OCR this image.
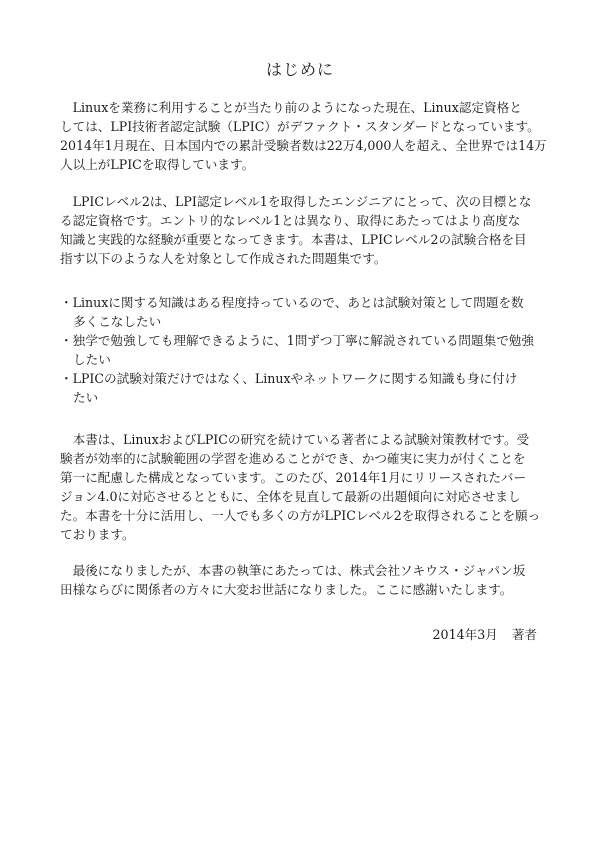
はじめに
　Linuxを業務に利用することが当たり前のようになった現在、Linux認定資格と
しては、LPI技術者認定試験（LPIC）がデファクト・スタンダードとなっています。
2014年1月現在、日本国内での累計受験者数は22万4,000人を超え、全世界では14万
人以上がLPICを取得しています。
　LPICレベル2は、LPI認定レベル1を取得したエンジニアにとって、次の目標とな
る認定資格です。エントリ的なレベル1とは異なり、取得にあたってはより高度な
知識と実践的な経験が重要となってきます。本書は、LPICレベル2の試験合格を目
指す以下のような人を対象として作成された問題集です。
・Linuxに関する知識はある程度持っているので、あとは試験対策として問題を数
多くこなしたい
・独学で勉強しても理解できるように、1問ずつ丁寧に解説されている問題集で勉強
したい
・LPICの試験対策だけではなく、Linuxやネットワークに関する知識も身に付け
たい
　本書は、LinuxおよびLPICの研究を続けている著者による試験対策教材です。受
験者が効率的に試験範囲の学習を進めることができ、かつ確実に実力が付くことを
第一に配慮した構成となっています。このたび、2014年1月にリリースされたバー
ジョン4.0に対応させるとともに、全体を見直して最新の出題傾向に対応させまし
た。本書を十分に活用し、一人でも多くの方がLPICレベル2を取得されることを願っ
ております。
　最後になりましたが、本書の執筆にあたっては、株式会社ソキウス・ジャパン坂
田様ならびに関係者の方々に大変お世話になりました。ここに感謝いたします。
2014年3月 著者
